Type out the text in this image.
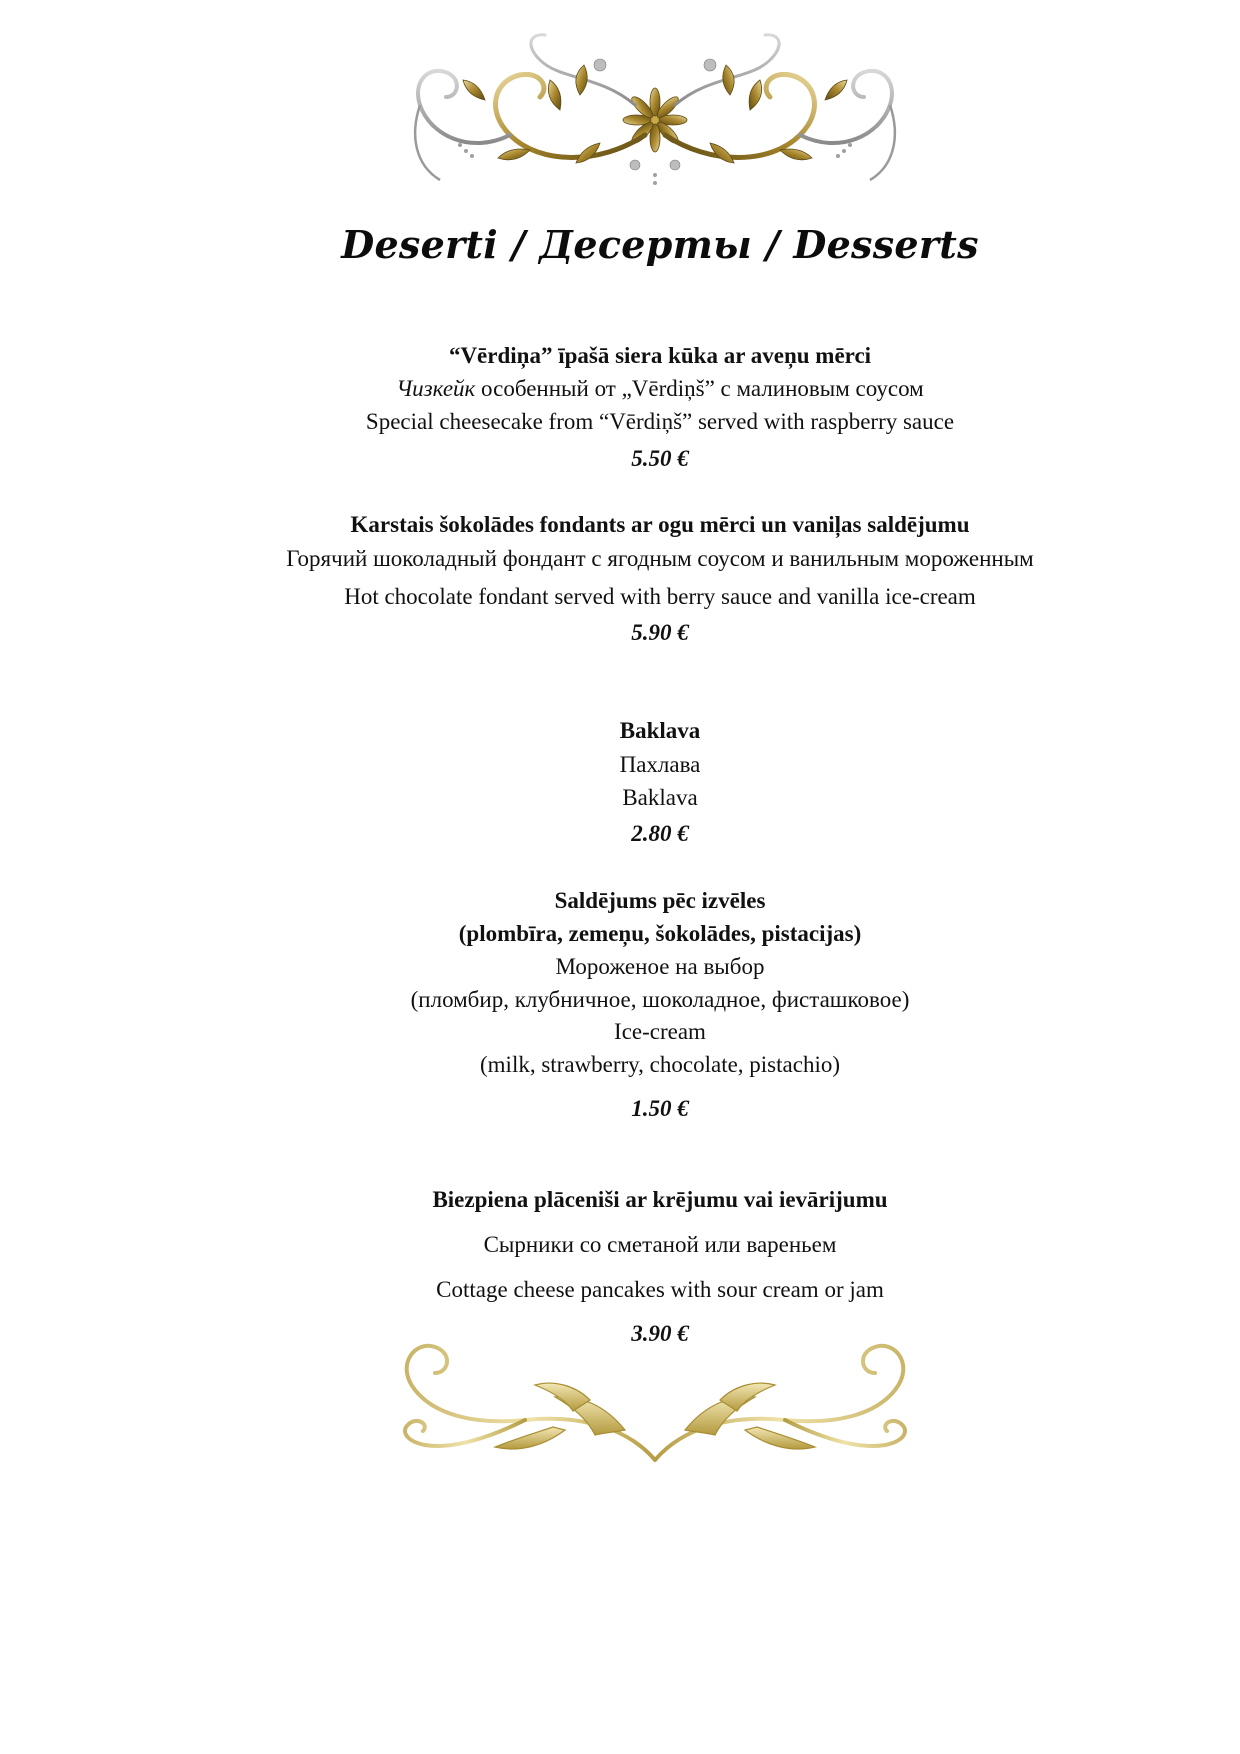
Deserti / Десерты / Desserts
“Vērdiņa” īpašā siera kūka ar aveņu mērci
Чизкейк особенный от „Vērdiņš” с малиновым соусом
Special cheesecake from “Vērdiņš” served with raspberry sauce
5.50 €
Karstais šokolādes fondants ar ogu mērci un vaniļas saldējumu
Горячий шоколадный фондант с ягодным соусом и ванильным мороженным
Hot chocolate fondant served with berry sauce and vanilla ice-cream
5.90 €
Baklava
Пахлава
Baklava
2.80 €
Saldējums pēc izvēles
(plombīra, zemeņu, šokolādes, pistacijas)
Мороженое на выбор
(пломбир, клубничное, шоколадное, фисташковое)
Ice-cream
(milk, strawberry, chocolate, pistachio)
1.50 €
Biezpiena plāceniši ar krējumu vai ievārijumu
Сырники со сметаной или вареньем
Cottage cheese pancakes with sour cream or jam
3.90 €
